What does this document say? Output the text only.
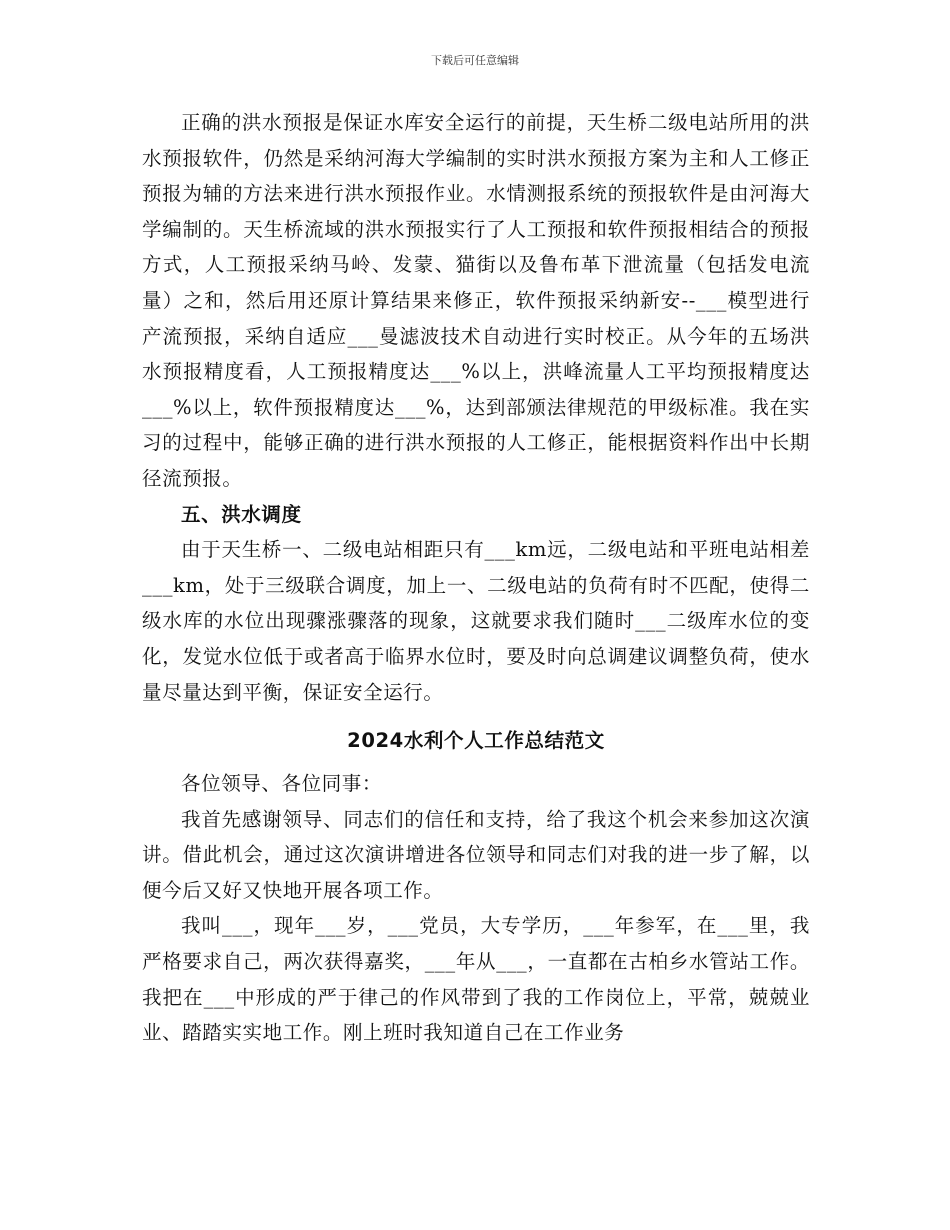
下载后可任意编辑

正确的洪水预报是保证水库安全运行的前提，天生桥二级电站所用的洪水预报软件，仍然是采纳河海大学编制的实时洪水预报方案为主和人工修正预报为辅的方法来进行洪水预报作业。水情测报系统的预报软件是由河海大学编制的。天生桥流域的洪水预报实行了人工预报和软件预报相结合的预报方式，人工预报采纳马岭、发蒙、猫街以及鲁布革下泄流量（包括发电流量）之和，然后用还原计算结果来修正，软件预报采纳新安--___模型进行产流预报，采纳自适应___曼滤波技术自动进行实时校正。从今年的五场洪水预报精度看，人工预报精度达___%以上，洪峰流量人工平均预报精度达___%以上，软件预报精度达___%，达到部颁法律规范的甲级标准。我在实习的过程中，能够正确的进行洪水预报的人工修正，能根据资料作出中长期径流预报。

五、洪水调度

由于天生桥一、二级电站相距只有___km远，二级电站和平班电站相差___km，处于三级联合调度，加上一、二级电站的负荷有时不匹配，使得二级水库的水位出现骤涨骤落的现象，这就要求我们随时___二级库水位的变化，发觉水位低于或者高于临界水位时，要及时向总调建议调整负荷，使水量尽量达到平衡，保证安全运行。

2024水利个人工作总结范文

各位领导、各位同事：

我首先感谢领导、同志们的信任和支持，给了我这个机会来参加这次演讲。借此机会，通过这次演讲增进各位领导和同志们对我的进一步了解，以便今后又好又快地开展各项工作。

我叫___，现年___岁，___党员，大专学历，___年参军，在___里，我严格要求自己，两次获得嘉奖，___年从___，一直都在古柏乡水管站工作。我把在___中形成的严于律己的作风带到了我的工作岗位上，平常，兢兢业业、踏踏实实地工作。刚上班时我知道自己在工作业务
